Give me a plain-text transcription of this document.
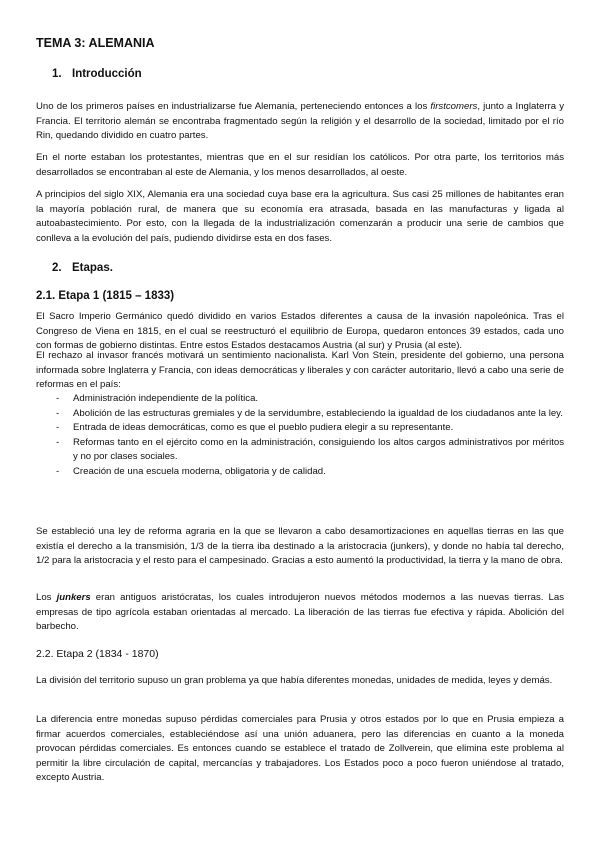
TEMA 3: ALEMANIA
1. Introducción
Uno de los primeros países en industrializarse fue Alemania, perteneciendo entonces a los firstcomers, junto a Inglaterra y Francia. El territorio alemán se encontraba fragmentado según la religión y el desarrollo de la sociedad, limitado por el río Rin, quedando dividido en cuatro partes.
En el norte estaban los protestantes, mientras que en el sur residían los católicos. Por otra parte, los territorios más desarrollados se encontraban al este de Alemania, y los menos desarrollados, al oeste.
A principios del siglo XIX, Alemania era una sociedad cuya base era la agricultura. Sus casi 25 millones de habitantes eran la mayoría población rural, de manera que su economía era atrasada, basada en las manufacturas y ligada al autoabastecimiento. Por esto, con la llegada de la industrialización comenzarán a producir una serie de cambios que conlleva a la evolución del país, pudiendo dividirse esta en dos fases.
2. Etapas.
2.1. Etapa 1 (1815 – 1833)
El Sacro Imperio Germánico quedó dividido en varios Estados diferentes a causa de la invasión napoleónica. Tras el Congreso de Viena en 1815, en el cual se reestructuró el equilibrio de Europa, quedaron entonces 39 estados, cada uno con formas de gobierno distintas. Entre estos Estados destacamos Austria (al sur) y Prusia (al este).
El rechazo al invasor francés motivará un sentimiento nacionalista. Karl Von Stein, presidente del gobierno, una persona informada sobre Inglaterra y Francia, con ideas democráticas y liberales y con carácter autoritario, llevó a cabo una serie de reformas en el país:
- Administración independiente de la política.
- Abolición de las estructuras gremiales y de la servidumbre, estableciendo la igualdad de los ciudadanos ante la ley.
- Entrada de ideas democráticas, como es que el pueblo pudiera elegir a su representante.
- Reformas tanto en el ejército como en la administración, consiguiendo los altos cargos administrativos por méritos y no por clases sociales.
- Creación de una escuela moderna, obligatoria y de calidad.
Se estableció una ley de reforma agraria en la que se llevaron a cabo desamortizaciones en aquellas tierras en las que existía el derecho a la transmisión, 1/3 de la tierra iba destinado a la aristocracia (junkers), y donde no había tal derecho, 1/2 para la aristocracia y el resto para el campesinado. Gracias a esto aumentó la productividad, la tierra y la mano de obra.
Los junkers eran antiguos aristócratas, los cuales introdujeron nuevos métodos modernos a las nuevas tierras. Las empresas de tipo agrícola estaban orientadas al mercado. La liberación de las tierras fue efectiva y rápida. Abolición del barbecho.
2.2. Etapa 2 (1834 - 1870)
La división del territorio supuso un gran problema ya que había diferentes monedas, unidades de medida, leyes y demás.
La diferencia entre monedas supuso pérdidas comerciales para Prusia y otros estados por lo que en Prusia empieza a firmar acuerdos comerciales, estableciéndose así una unión aduanera, pero las diferencias en cuanto a la moneda provocan pérdidas comerciales. Es entonces cuando se establece el tratado de Zollverein, que elimina este problema al permitir la libre circulación de capital, mercancías y trabajadores. Los Estados poco a poco fueron uniéndose al tratado, excepto Austria.
